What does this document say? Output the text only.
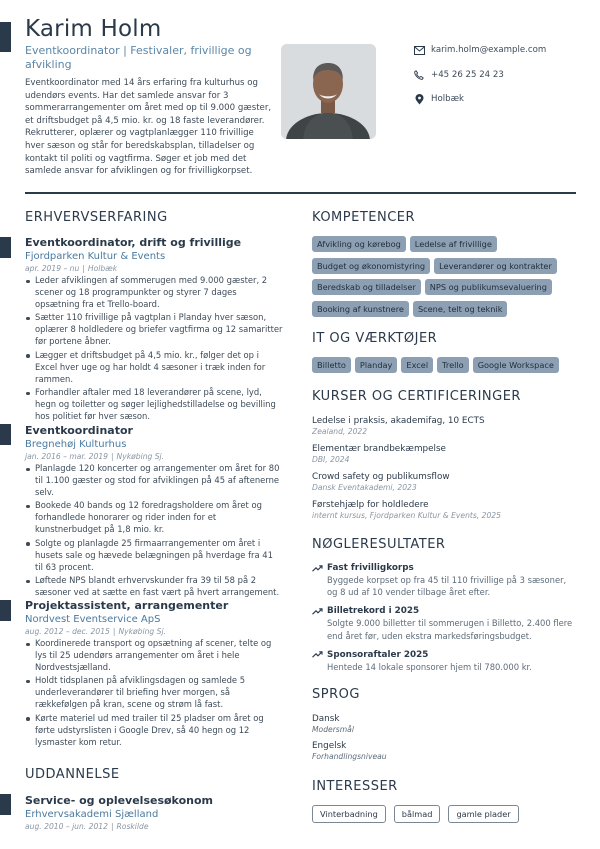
Karim Holm
Eventkoordinator | Festivaler, frivillige og afvikling
Eventkoordinator med 14 års erfaring fra kulturhus og udendørs events. Har det samlede ansvar for 3 sommerarrangementer om året med op til 9.000 gæster, et driftsbudget på 4,5 mio. kr. og 18 faste leverandører. Rekrutterer, oplærer og vagtplanlægger 110 frivillige hver sæson og står for beredskabsplan, tilladelser og kontakt til politi og vagtfirma. Søger et job med det samlede ansvar for afviklingen og for frivilligkorpset.
karim.holm@example.com
+45 26 25 24 23
Holbæk
ERHVERVSERFARING
Eventkoordinator, drift og frivillige
Fjordparken Kultur & Events
apr. 2019 – nu | Holbæk
Leder afviklingen af sommerugen med 9.000 gæster, 2 scener og 18 programpunkter og styrer 7 dages opsætning fra et Trello-board.
Sætter 110 frivillige på vagtplan i Planday hver sæson, oplærer 8 holdledere og briefer vagtfirma og 12 samaritter før portene åbner.
Lægger et driftsbudget på 4,5 mio. kr., følger det op i Excel hver uge og har holdt 4 sæsoner i træk inden for rammen.
Forhandler aftaler med 18 leverandører på scene, lyd, hegn og toiletter og søger lejlighedstilladelse og bevilling hos politiet før hver sæson.
Eventkoordinator
Bregnehøj Kulturhus
jan. 2016 – mar. 2019 | Nykøbing Sj.
Planlagde 120 koncerter og arrangementer om året for 80 til 1.100 gæster og stod for afviklingen på 45 af aftenerne selv.
Bookede 40 bands og 12 foredragsholdere om året og forhandlede honorarer og rider inden for et kunstnerbudget på 1,8 mio. kr.
Solgte og planlagde 25 firmaarrangementer om året i husets sale og hævede belægningen på hverdage fra 41 til 63 procent.
Løftede NPS blandt erhvervskunder fra 39 til 58 på 2 sæsoner ved at sætte en fast vært på hvert arrangement.
Projektassistent, arrangementer
Nordvest Eventservice ApS
aug. 2012 – dec. 2015 | Nykøbing Sj.
Koordinerede transport og opsætning af scener, telte og lys til 25 udendørs arrangementer om året i hele Nordvestsjælland.
Holdt tidsplanen på afviklingsdagen og samlede 5 underleverandører til briefing hver morgen, så rækkefølgen på kran, scene og strøm lå fast.
Kørte materiel ud med trailer til 25 pladser om året og førte udstyrslisten i Google Drev, så 40 hegn og 12 lysmaster kom retur.
UDDANNELSE
Service- og oplevelsesøkonom
Erhvervsakademi Sjælland
aug. 2010 – jun. 2012 | Roskilde
KOMPETENCER
Afvikling og kørebog	Ledelse af frivillige
Budget og økonomistyring	Leverandører og kontrakter
Beredskab og tilladelser	NPS og publikumsevaluering
Booking af kunstnere	Scene, telt og teknik
IT OG VÆRKTØJER
Billetto	Planday	Excel	Trello	Google Workspace
KURSER OG CERTIFICERINGER
Ledelse i praksis, akademifag, 10 ECTS
Zealand, 2022
Elementær brandbekæmpelse
DBI, 2024
Crowd safety og publikumsflow
Dansk Eventakademi, 2023
Førstehjælp for holdledere
internt kursus, Fjordparken Kultur & Events, 2025
NØGLERESULTATER
Fast frivilligkorps
Byggede korpset op fra 45 til 110 frivillige på 3 sæsoner, og 8 ud af 10 vender tilbage året efter.
Billetrekord i 2025
Solgte 9.000 billetter til sommerugen i Billetto, 2.400 flere end året før, uden ekstra markedsføringsbudget.
Sponsoraftaler 2025
Hentede 14 lokale sponsorer hjem til 780.000 kr.
SPROG
Dansk
Modersmål
Engelsk
Forhandlingsniveau
INTERESSER
Vinterbadning	bålmad	gamle plader
